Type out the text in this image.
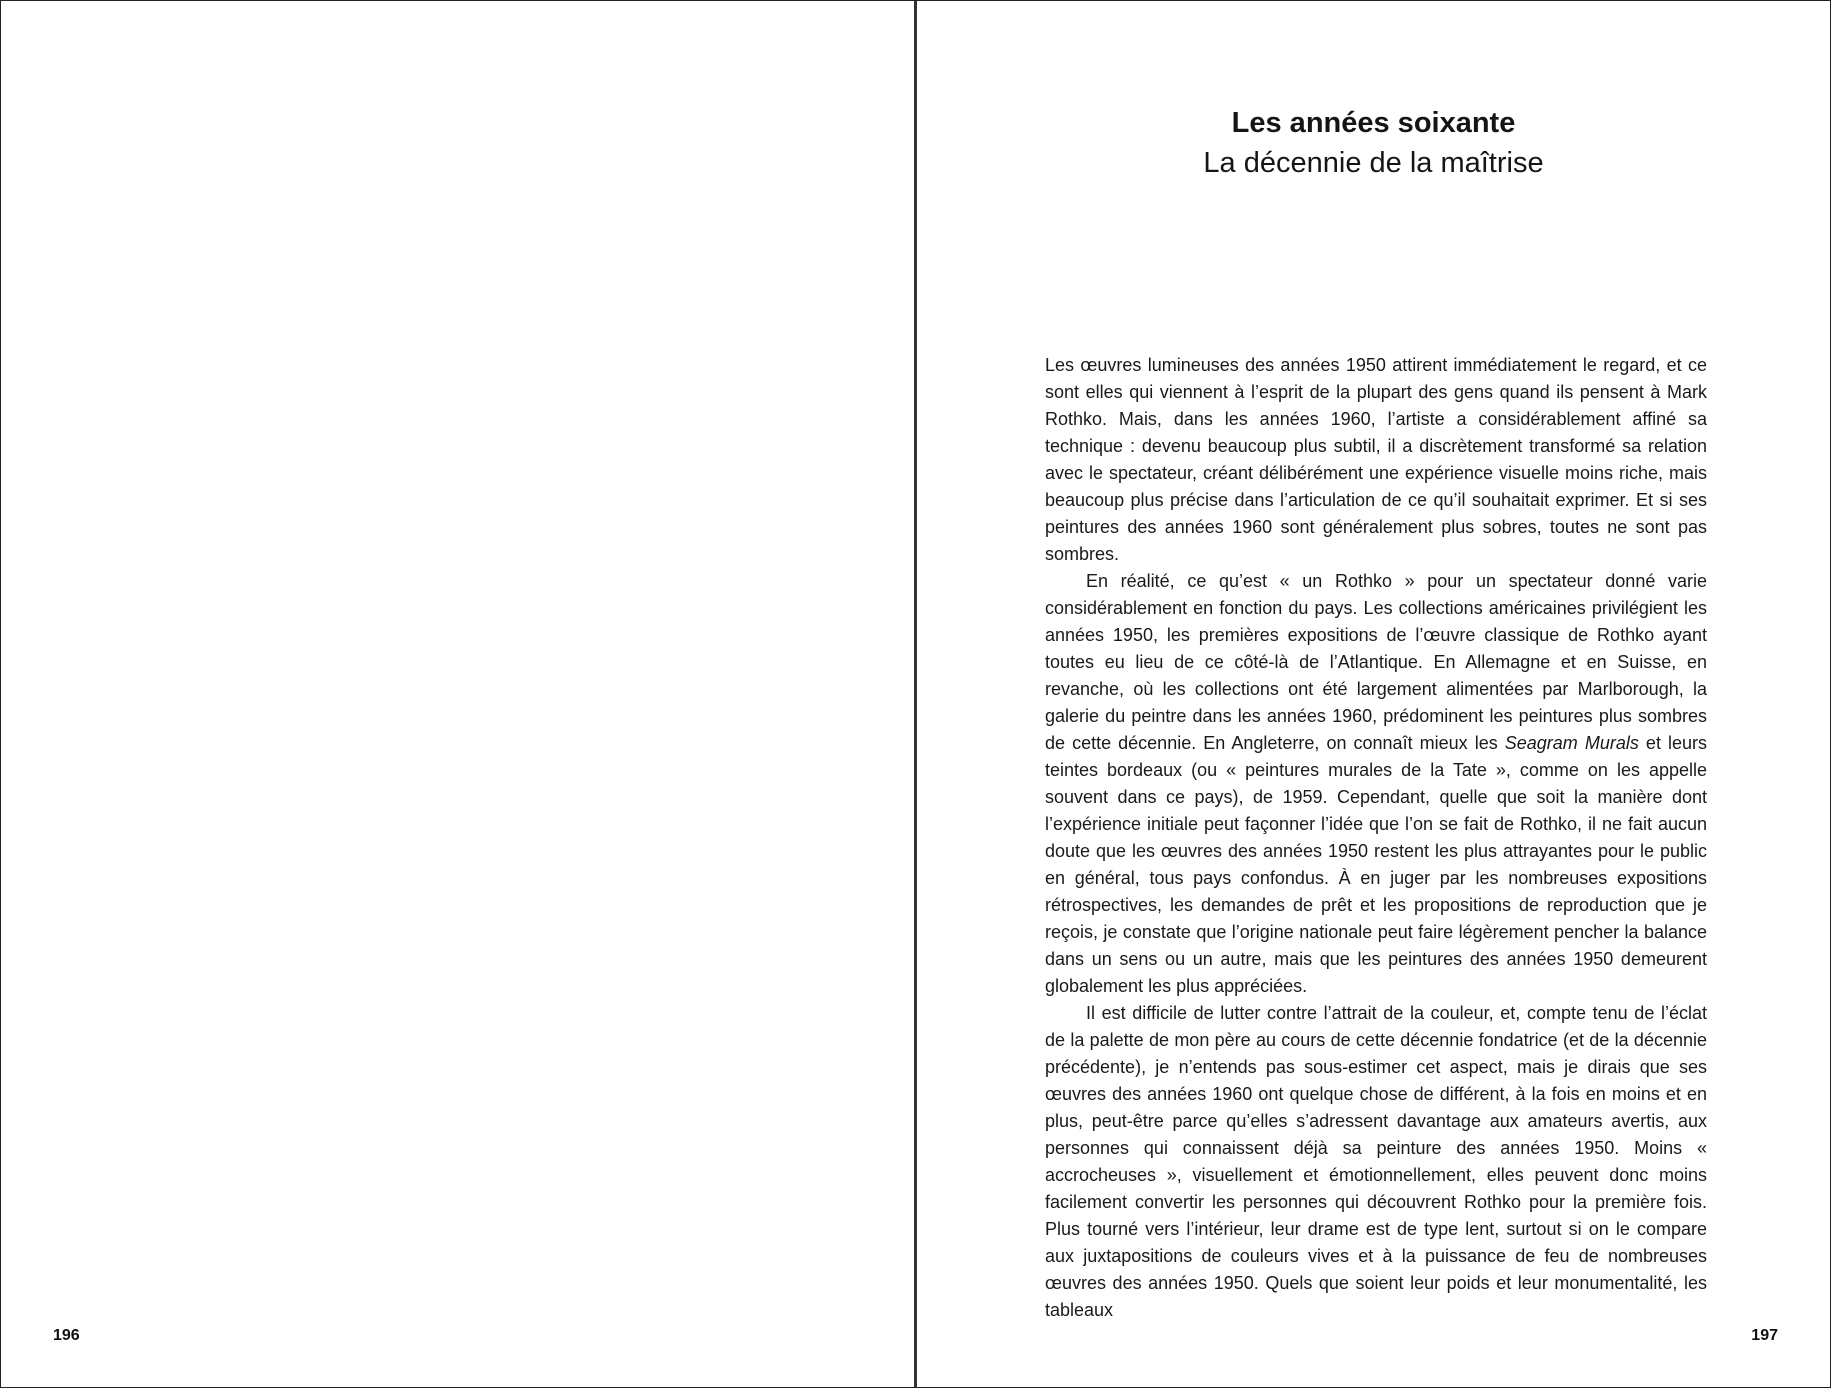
196
Les années soixante
La décennie de la maîtrise

Les œuvres lumineuses des années 1950 attirent immédiatement le regard, et ce sont elles qui viennent à l’esprit de la plupart des gens quand ils pensent à Mark Rothko. Mais, dans les années 1960, l’artiste a considérablement affiné sa technique : devenu beaucoup plus subtil, il a discrètement transformé sa relation avec le spectateur, créant délibérément une expérience visuelle moins riche, mais beaucoup plus précise dans l’articulation de ce qu’il souhaitait exprimer. Et si ses peintures des années 1960 sont généralement plus sobres, toutes ne sont pas sombres.

En réalité, ce qu’est « un Rothko » pour un spectateur donné varie considérablement en fonction du pays. Les collections américaines privilégient les années 1950, les premières expositions de l’œuvre classique de Rothko ayant toutes eu lieu de ce côté-là de l’Atlantique. En Allemagne et en Suisse, en revanche, où les collections ont été largement alimentées par Marlborough, la galerie du peintre dans les années 1960, prédominent les peintures plus sombres de cette décennie. En Angleterre, on connaît mieux les Seagram Murals et leurs teintes bordeaux (ou « peintures murales de la Tate », comme on les appelle souvent dans ce pays), de 1959. Cependant, quelle que soit la manière dont l’expérience initiale peut façonner l’idée que l’on se fait de Rothko, il ne fait aucun doute que les œuvres des années 1950 restent les plus attrayantes pour le public en général, tous pays confondus. À en juger par les nombreuses expositions rétrospectives, les demandes de prêt et les propositions de reproduction que je reçois, je constate que l’origine nationale peut faire légèrement pencher la balance dans un sens ou un autre, mais que les peintures des années 1950 demeurent globalement les plus appréciées.

Il est difficile de lutter contre l’attrait de la couleur, et, compte tenu de l’éclat de la palette de mon père au cours de cette décennie fondatrice (et de la décennie précédente), je n’entends pas sous-estimer cet aspect, mais je dirais que ses œuvres des années 1960 ont quelque chose de différent, à la fois en moins et en plus, peut-être parce qu’elles s’adressent davantage aux amateurs avertis, aux personnes qui connaissent déjà sa peinture des années 1950. Moins « accrocheuses », visuellement et émotionnellement, elles peuvent donc moins facilement convertir les personnes qui découvrent Rothko pour la première fois. Plus tourné vers l’intérieur, leur drame est de type lent, surtout si on le compare aux juxtapositions de couleurs vives et à la puissance de feu de nombreuses œuvres des années 1950. Quels que soient leur poids et leur monumentalité, les tableaux

197
